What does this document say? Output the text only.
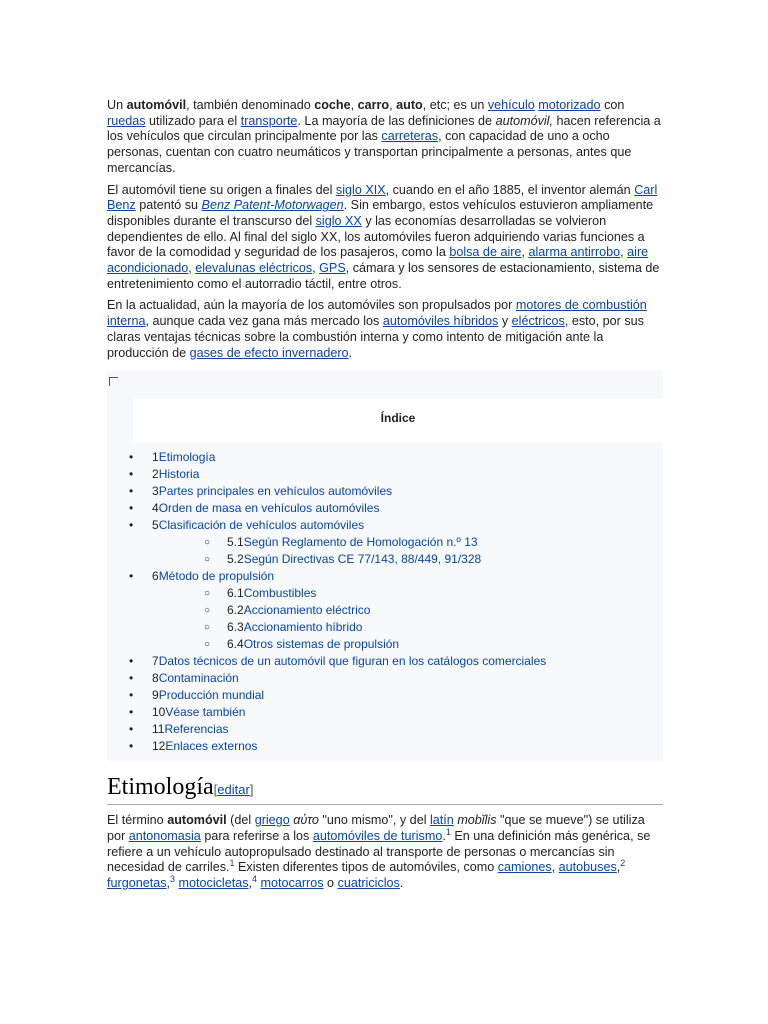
Un automóvil, también denominado coche, carro, auto, etc; es un vehículo motorizado con ruedas utilizado para el transporte. La mayoría de las definiciones de automóvil, hacen referencia a los vehículos que circulan principalmente por las carreteras, con capacidad de uno a ocho personas, cuentan con cuatro neumáticos y transportan principalmente a personas, antes que mercancías.

El automóvil tiene su origen a finales del siglo XIX, cuando en el año 1885, el inventor alemán Carl Benz patentó su Benz Patent-Motorwagen. Sin embargo, estos vehículos estuvieron ampliamente disponibles durante el transcurso del siglo XX y las economías desarrolladas se volvieron dependientes de ello. Al final del siglo XX, los automóviles fueron adquiriendo varias funciones a favor de la comodidad y seguridad de los pasajeros, como la bolsa de aire, alarma antirrobo, aire acondicionado, elevalunas eléctricos, GPS, cámara y los sensores de estacionamiento, sistema de entretenimiento como el autorradio táctil, entre otros.

En la actualidad, aún la mayoría de los automóviles son propulsados por motores de combustión interna, aunque cada vez gana más mercado los automóviles híbridos y eléctricos, esto, por sus claras ventajas técnicas sobre la combustión interna y como intento de mitigación ante la producción de gases de efecto invernadero.

Índice
• 1Etimología
• 2Historia
• 3Partes principales en vehículos automóviles
• 4Orden de masa en vehículos automóviles
• 5Clasificación de vehículos automóviles
○ 5.1Según Reglamento de Homologación n.º 13
○ 5.2Según Directivas CE 77/143, 88/449, 91/328
• 6Método de propulsión
○ 6.1Combustibles
○ 6.2Accionamiento eléctrico
○ 6.3Accionamiento híbrido
○ 6.4Otros sistemas de propulsión
• 7Datos técnicos de un automóvil que figuran en los catálogos comerciales
• 8Contaminación
• 9Producción mundial
• 10Véase también
• 11Referencias
• 12Enlaces externos
Etimología[editar]

El término automóvil (del griego αὐτο "uno mismo", y del latín mobĭlis "que se mueve") se utiliza por antonomasia para referirse a los automóviles de turismo.$^1$ En una definición más genérica, se refiere a un vehículo autopropulsado destinado al transporte de personas o mercancías sin necesidad de carriles.$^1$ Existen diferentes tipos de automóviles, como camiones, autobuses,$^2$ furgonetas,$^3$ motocicletas,$^4$ motocarros o cuatriciclos.
